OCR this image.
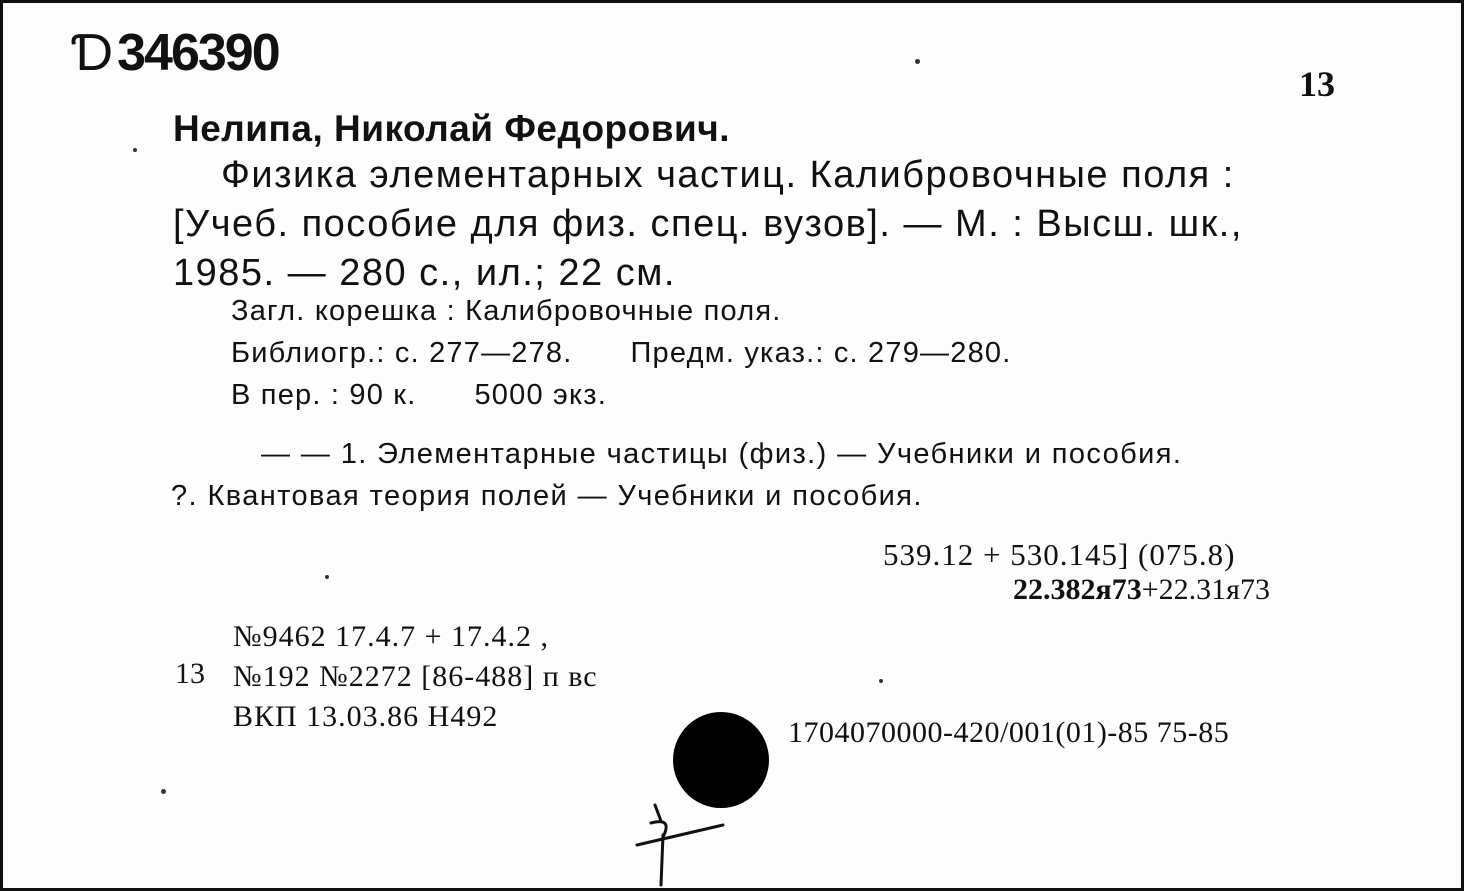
Ɗ 346390
13
Нелипа, Николай Федорович.
Физика элементарных частиц. Калибровочные поля :
[Учеб. пособие для физ. спец. вузов]. — М. : Высш. шк.,
1985. — 280 с., ил.; 22 см.
Загл. корешка : Калибровочные поля.
Библиогр.: с. 277—278. Предм. указ.: с. 279—280.
В пер. : 90 к. 5000 экз.
— — 1. Элементарные частицы (физ.) — Учебники и пособия.
?. Квантовая теория полей — Учебники и пособия.
539.12 + 530.145] (075.8)
22.382я73+22.31я73
13
№9462 17.4.7 + 17.4.2 ,
№192 №2272 [86-488] п вс
ВКП 13.03.86 Н492	1704070000-420/001(01)-85 75-85
